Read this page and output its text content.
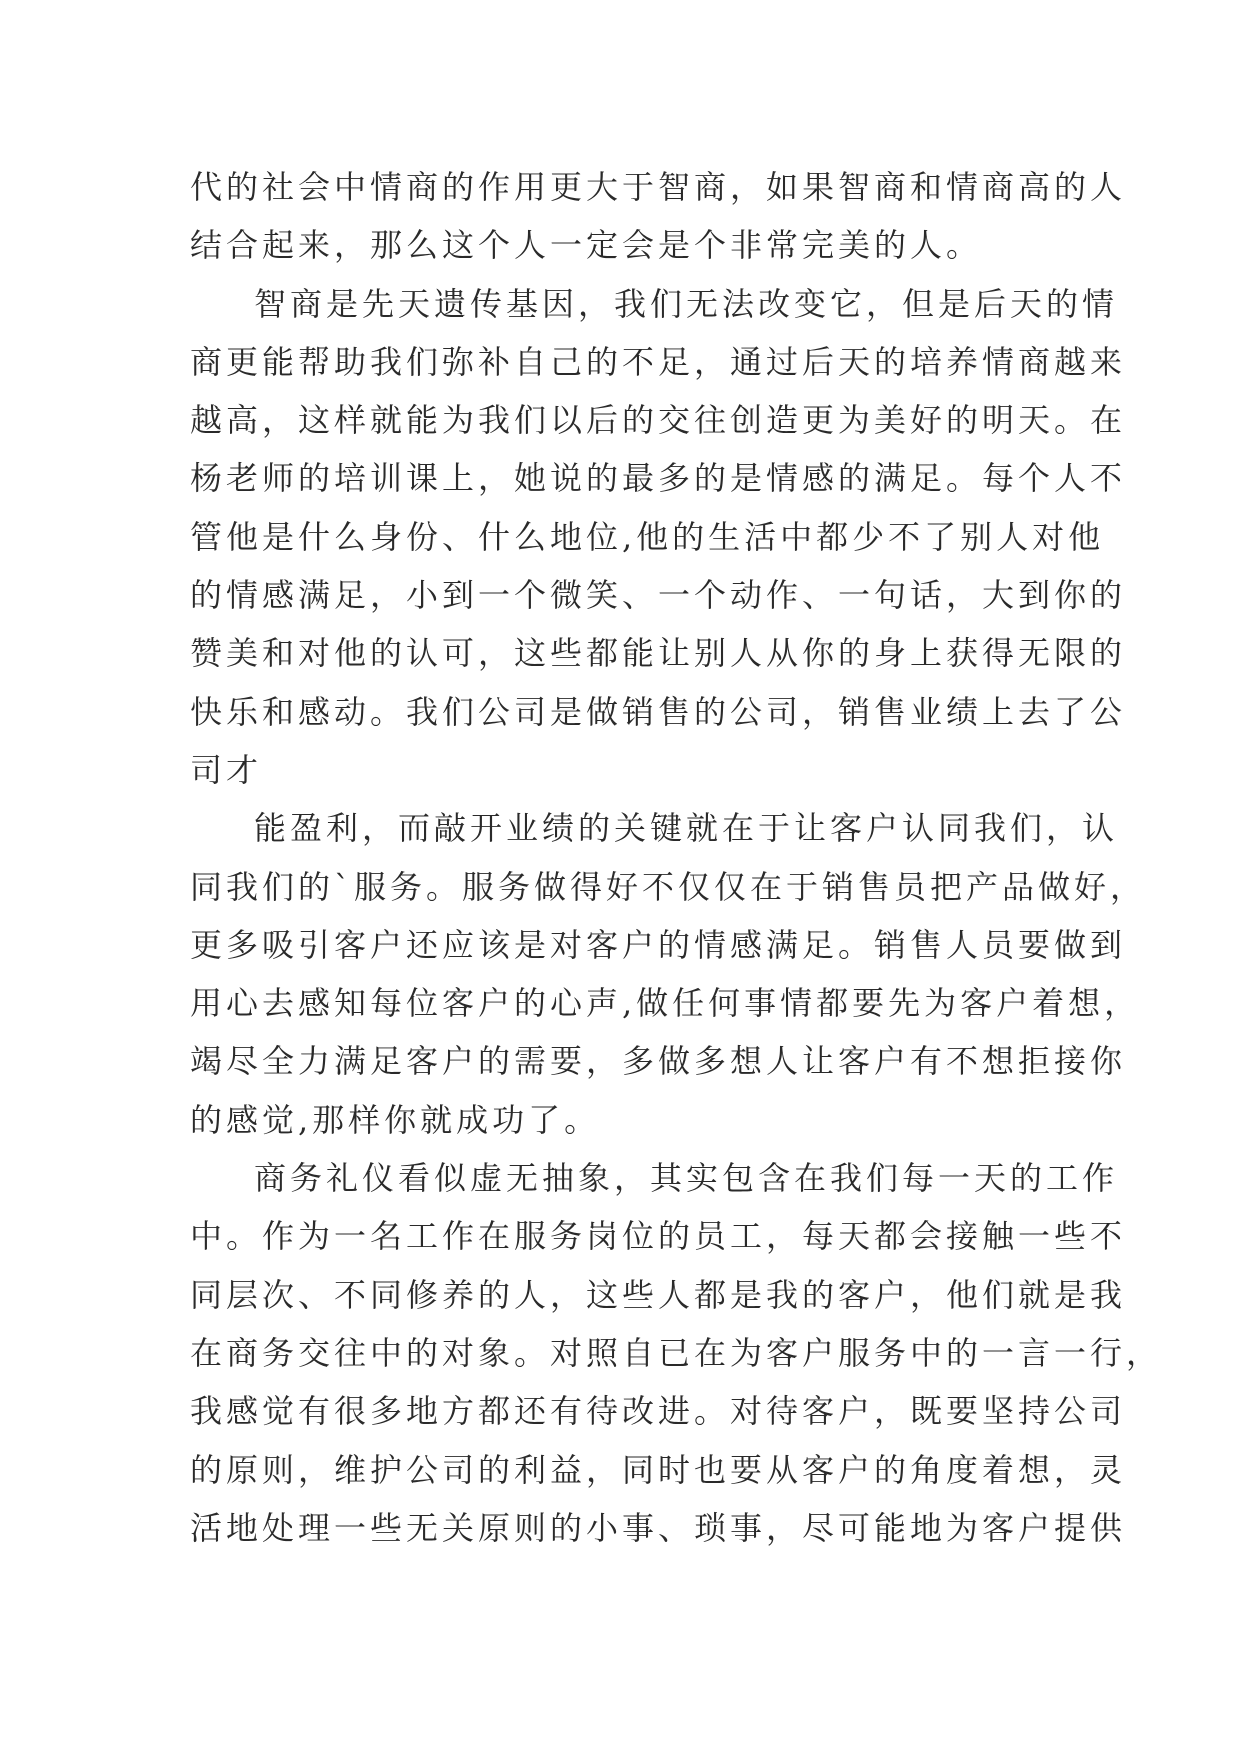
代的社会中情商的作用更大于智商，如果智商和情商高的人
结合起来，那么这个人一定会是个非常完美的人。
智商是先天遗传基因，我们无法改变它，但是后天的情
商更能帮助我们弥补自己的不足，通过后天的培养情商越来
越高，这样就能为我们以后的交往创造更为美好的明天。在
杨老师的培训课上，她说的最多的是情感的满足。每个人不
管他是什么身份、什么地位,他的生活中都少不了别人对他
的情感满足，小到一个微笑、一个动作、一句话，大到你的
赞美和对他的认可，这些都能让别人从你的身上获得无限的
快乐和感动。我们公司是做销售的公司，销售业绩上去了公
司才
能盈利，而敲开业绩的关键就在于让客户认同我们，认
同我们的`服务。服务做得好不仅仅在于销售员把产品做好，
更多吸引客户还应该是对客户的情感满足。销售人员要做到
用心去感知每位客户的心声,做任何事情都要先为客户着想，
竭尽全力满足客户的需要，多做多想人让客户有不想拒接你
的感觉,那样你就成功了。
商务礼仪看似虚无抽象，其实包含在我们每一天的工作
中。作为一名工作在服务岗位的员工，每天都会接触一些不
同层次、不同修养的人，这些人都是我的客户，他们就是我
在商务交往中的对象。对照自已在为客户服务中的一言一行，
我感觉有很多地方都还有待改进。对待客户，既要坚持公司
的原则，维护公司的利益，同时也要从客户的角度着想，灵
活地处理一些无关原则的小事、琐事，尽可能地为客户提供
